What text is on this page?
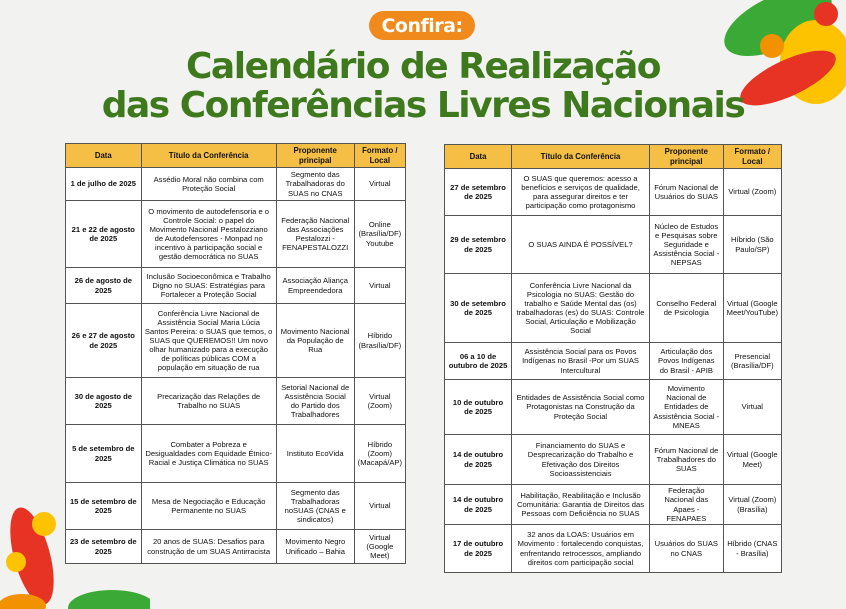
Confira:
Calendário de Realização
das Conferências Livres Nacionais
Data	Título da Conferência	Proponente principal	Formato / Local
1 de julho de 2025	Assédio Moral não combina com Proteção Social	Segmento das Trabalhadoras do SUAS no CNAS	Virtual
21 e 22 de agosto de 2025	O movimento de autodefensoria e o Controle Social: o papel do Movimento Nacional Pestalozziano de Autodefensores - Monpad no incentivo à participação social e gestão democrática no SUAS	Federação Nacional das Associações Pestalozzi - FENAPESTALOZZI	Online (Brasília/DF) Youtube
26 de agosto de 2025	Inclusão Socioeconômica e Trabalho Digno no SUAS: Estratégias para Fortalecer a Proteção Social	Associação Aliança Empreendedora	Virtual
26 e 27 de agosto de 2025	Conferência Livre Nacional de Assistência Social Maria Lúcia Santos Pereira: o SUAS que temos, o SUAS que QUEREMOS!! Um novo olhar humanizado para a execução de políticas públicas COM a população em situação de rua	Movimento Nacional da População de Rua	Híbrido (Brasília/DF)
30 de agosto de 2025	Precarização das Relações de Trabalho no SUAS	Setorial Nacional de Assistência Social do Partido dos Trabalhadores	Virtual (Zoom)
5 de setembro de 2025	Combater a Pobreza e Desigualdades com Equidade Étnico-Racial e Justiça Climática no SUAS	Instituto EcoVida	Híbrido (Zoom) (Macapá/AP)
15 de setembro de 2025	Mesa de Negociação e Educação Permanente no SUAS	Segmento das Trabalhadoras noSUAS (CNAS e sindicatos)	Virtual
23 de setembro de 2025	20 anos de SUAS: Desafios para construção de um SUAS Antirracista	Movimento Negro Unificado – Bahia	Virtual (Google Meet)
Data	Título da Conferência	Proponente principal	Formato / Local
27 de setembro de 2025	O SUAS que queremos: acesso a benefícios e serviços de qualidade, para assegurar direitos e ter participação como protagonismo	Fórum Nacional de Usuários do SUAS	Virtual (Zoom)
29 de setembro de 2025	O SUAS AINDA É POSSÍVEL?	Núcleo de Estudos e Pesquisas sobre Seguridade e Assistência Social - NEPSAS	Híbrido (São Paulo/SP)
30 de setembro de 2025	Conferência Livre Nacional da Psicologia no SUAS: Gestão do trabalho e Saúde Mental das (os) trabalhadoras (es) do SUAS: Controle Social, Articulação e Mobilização Social	Conselho Federal de Psicologia	Virtual (Google Meet/YouTube)
06 a 10 de outubro de 2025	Assistência Social para os Povos Indígenas no Brasil -Por um SUAS Intercultural	Articulação dos Povos Indígenas do Brasil - APIB	Presencial (Brasília/DF)
10 de outubro de 2025	Entidades de Assistência Social como Protagonistas na Construção da Proteção Social	Movimento Nacional de Entidades de Assistência Social - MNEAS	Virtual
14 de outubro de 2025	Financiamento do SUAS e Desprecarização do Trabalho e Efetivação dos Direitos Socioassistenciais	Fórum Nacional de Trabalhadores do SUAS	Virtual (Google Meet)
14 de outubro de 2025	Habilitação, Reabilitação e Inclusão Comunitária: Garantia de Direitos das Pessoas com Deficiência no SUAS	Federação Nacional das Apaes - FENAPAES	Virtual (Zoom) (Brasília)
17 de outubro de 2025	32 anos da LOAS: Usuários em Movimento : fortalecendo conquistas, enfrentando retrocessos, ampliando direitos com participação social	Usuários do SUAS no CNAS	Híbrido (CNAS - Brasília)
